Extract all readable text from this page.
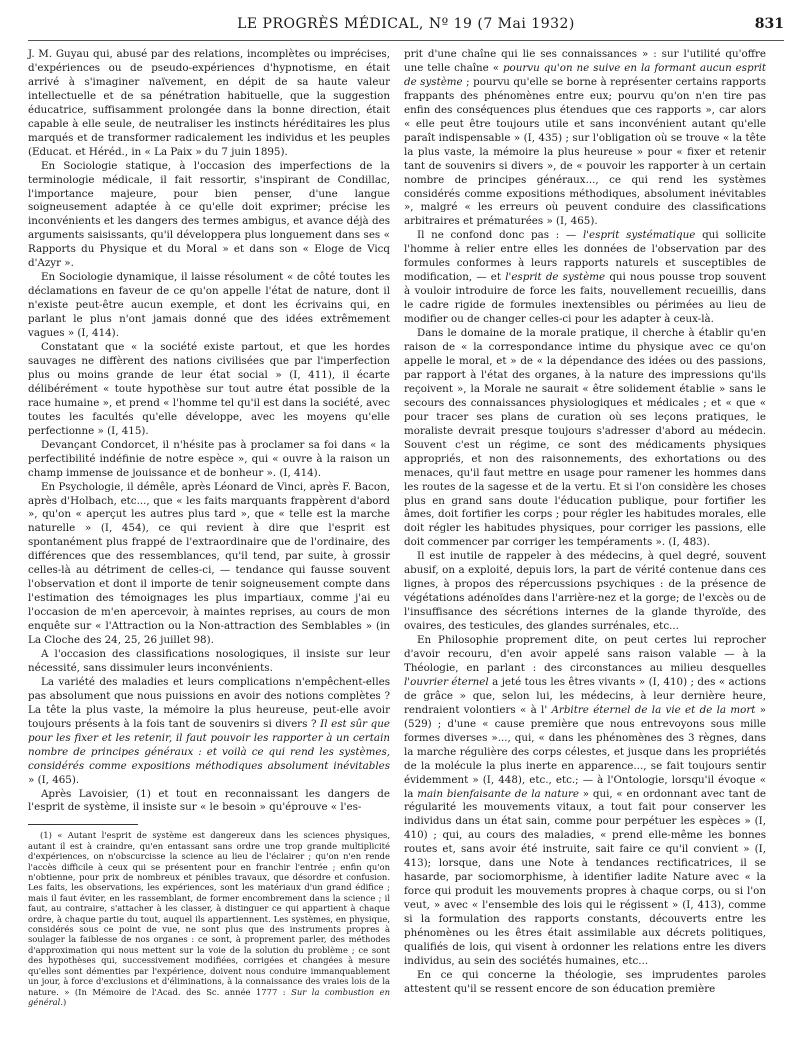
LE PROGRÈS MÉDICAL, Nº 19 (7 Mai 1932)	831

J. M. Guyau qui, abusé par des relations, incomplètes ou imprécises, d'expériences ou de pseudo-expériences d'hypnotisme, en était arrivé à s'imaginer naïvement, en dépit de sa haute valeur intellectuelle et de sa pénétration habituelle, que la suggestion éducatrice, suffisamment prolongée dans la bonne direction, était capable à elle seule, de neutraliser les instincts héréditaires les plus marqués et de transformer radicalement les individus et les peuples (Educat. et Héréd., in « La Paix » du 7 juin 1895).

En Sociologie statique, à l'occasion des imperfections de la terminologie médicale, il fait ressortir, s'inspirant de Condillac, l'importance majeure, pour bien penser, d'une langue soigneusement adaptée à ce qu'elle doit exprimer; précise les inconvénients et les dangers des termes ambigus, et avance déjà des arguments saisissants, qu'il développera plus longuement dans ses « Rapports du Physique et du Moral » et dans son « Eloge de Vicq d'Azyr ».

En Sociologie dynamique, il laisse résolument « de côté toutes les déclamations en faveur de ce qu'on appelle l'état de nature, dont il n'existe peut-être aucun exemple, et dont les écrivains qui, en parlant le plus n'ont jamais donné que des idées extrêmement vagues » (I, 414).

Constatant que « la société existe partout, et que les hordes sauvages ne diffèrent des nations civilisées que par l'imperfection plus ou moins grande de leur état social » (I, 411), il écarte délibérément « toute hypothèse sur tout autre état possible de la race humaine », et prend « l'homme tel qu'il est dans la société, avec toutes les facultés qu'elle développe, avec les moyens qu'elle perfectionne » (I, 415).

Devançant Condorcet, il n'hésite pas à proclamer sa foi dans « la perfectibilité indéfinie de notre espèce », qui « ouvre à la raison un champ immense de jouissance et de bonheur ». (I, 414).

En Psychologie, il démêle, après Léonard de Vinci, après F. Bacon, après d'Holbach, etc..., que « les faits marquants frappèrent d'abord », qu'on « aperçut les autres plus tard », que « telle est la marche naturelle » (I, 454), ce qui revient à dire que l'esprit est spontanément plus frappé de l'extraordinaire que de l'ordinaire, des différences que des ressemblances, qu'il tend, par suite, à grossir celles-là au détriment de celles-ci, — tendance qui fausse souvent l'observation et dont il importe de tenir soigneusement compte dans l'estimation des témoignages les plus impartiaux, comme j'ai eu l'occasion de m'en apercevoir, à maintes reprises, au cours de mon enquête sur « l'Attraction ou la Non-attraction des Semblables » (in La Cloche des 24, 25, 26 juillet 98).

A l'occasion des classifications nosologiques, il insiste sur leur nécessité, sans dissimuler leurs inconvénients.

La variété des maladies et leurs complications n'empêchent-elles pas absolument que nous puissions en avoir des notions complètes ? La tête la plus vaste, la mémoire la plus heureuse, peut-elle avoir toujours présents à la fois tant de souvenirs si divers ? Il est sûr que pour les fixer et les retenir, il faut pouvoir les rapporter à un certain nombre de principes généraux : et voilà ce qui rend les systèmes, considérés comme expositions méthodiques absolument inévitables » (I, 465).

Après Lavoisier, (1) et tout en reconnaissant les dangers de l'esprit de système, il insiste sur « le besoin » qu'éprouve « l'es-

(1) « Autant l'esprit de système est dangereux dans les sciences physiques, autant il est à craindre, qu'en entassant sans ordre une trop grande multiplicité d'expériences, on n'obscurcisse la science au lieu de l'éclairer ; qu'on n'en rende l'accès difficile à ceux qui se présentent pour en franchir l'entrée ; enfin qu'on n'obtienne, pour prix de nombreux et pénibles travaux, que désordre et confusion. Les faits, les observations, les expériences, sont les matériaux d'un grand édifice ; mais il faut éviter, en les rassemblant, de former encombrement dans la science ; il faut, au contraire, s'attacher à les classer, à distinguer ce qui appartient à chaque ordre, à chaque partie du tout, auquel ils appartiennent. Les systèmes, en physique, considérés sous ce point de vue, ne sont plus que des instruments propres à soulager la faiblesse de nos organes : ce sont, à proprement parler, des méthodes d'approximation qui nous mettent sur la voie de la solution du problème ; ce sont des hypothèses qui, successivement modifiées, corrigées et changées à mesure qu'elles sont démenties par l'expérience, doivent nous conduire immanquablement un jour, à force d'exclusions et d'éliminations, à la connaissance des vraies lois de la nature. » (In Mémoire de l'Acad. des Sc. année 1777 : Sur la combustion en général.)

prit d'une chaîne qui lie ses connaissances » : sur l'utilité qu'offre une telle chaîne « pourvu qu'on ne suive en la formant aucun esprit de système ; pourvu qu'elle se borne à représenter certains rapports frappants des phénomènes entre eux; pourvu qu'on n'en tire pas enfin des conséquences plus étendues que ces rapports », car alors « elle peut être toujours utile et sans inconvénient autant qu'elle paraît indispensable » (I, 435) ; sur l'obligation où se trouve « la tête la plus vaste, la mémoire la plus heureuse » pour « fixer et retenir tant de souvenirs si divers », de « pouvoir les rapporter à un certain nombre de principes généraux..., ce qui rend les systèmes considérés comme expositions méthodiques, absolument inévitables », malgré « les erreurs où peuvent conduire des classifications arbitraires et prématurées » (I, 465).

Il ne confond donc pas : — l'esprit systématique qui sollicite l'homme à relier entre elles les données de l'observation par des formules conformes à leurs rapports naturels et susceptibles de modification, — et l'esprit de système qui nous pousse trop souvent à vouloir introduire de force les faits, nouvellement recueillis, dans le cadre rigide de formules inextensibles ou périmées au lieu de modifier ou de changer celles-ci pour les adapter à ceux-là.

Dans le domaine de la morale pratique, il cherche à établir qu'en raison de « la correspondance intime du physique avec ce qu'on appelle le moral, et » de « la dépendance des idées ou des passions, par rapport à l'état des organes, à la nature des impressions qu'ils reçoivent », la Morale ne saurait « être solidement établie » sans le secours des connaissances physiologiques et médicales ; et « que « pour tracer ses plans de curation où ses leçons pratiques, le moraliste devrait presque toujours s'adresser d'abord au médecin. Souvent c'est un régime, ce sont des médicaments physiques appropriés, et non des raisonnements, des exhortations ou des menaces, qu'il faut mettre en usage pour ramener les hommes dans les routes de la sagesse et de la vertu. Et si l'on considère les choses plus en grand sans doute l'éducation publique, pour fortifier les âmes, doit fortifier les corps ; pour régler les habitudes morales, elle doit régler les habitudes physiques, pour corriger les passions, elle doit commencer par corriger les tempéraments ». (I, 483).

Il est inutile de rappeler à des médecins, à quel degré, souvent abusif, on a exploité, depuis lors, la part de vérité contenue dans ces lignes, à propos des répercussions psychiques : de la présence de végétations adénoïdes dans l'arrière-nez et la gorge; de l'excès ou de l'insuffisance des sécrétions internes de la glande thyroïde, des ovaires, des testicules, des glandes surrénales, etc...

En Philosophie proprement dite, on peut certes lui reprocher d'avoir recouru, d'en avoir appelé sans raison valable — à la Théologie, en parlant : des circonstances au milieu desquelles l'ouvrier éternel a jeté tous les êtres vivants » (I, 410) ; des « actions de grâce » que, selon lui, les médecins, à leur dernière heure, rendraient volontiers « à l' Arbitre éternel de la vie et de la mort » (529) ; d'une « cause première que nous entrevoyons sous mille formes diverses »..., qui, « dans les phénomènes des 3 règnes, dans la marche régulière des corps célestes, et jusque dans les propriétés de la molécule la plus inerte en apparence..., se fait toujours sentir évidemment » (I, 448), etc., etc.; — à l'Ontologie, lorsqu'il évoque « la main bienfaisante de la nature » qui, « en ordonnant avec tant de régularité les mouvements vitaux, a tout fait pour conserver les individus dans un état sain, comme pour perpétuer les espèces » (I, 410) ; qui, au cours des maladies, « prend elle-même les bonnes routes et, sans avoir été instruite, sait faire ce qu'il convient » (I, 413); lorsque, dans une Note à tendances rectificatrices, il se hasarde, par sociomorphisme, à identifier ladite Nature avec « la force qui produit les mouvements propres à chaque corps, ou si l'on veut, » avec « l'ensemble des lois qui le régissent » (I, 413), comme si la formulation des rapports constants, découverts entre les phénomènes ou les êtres était assimilable aux décrets politiques, qualifiés de lois, qui visent à ordonner les relations entre les divers individus, au sein des sociétés humaines, etc...

En ce qui concerne la théologie, ses imprudentes paroles attestent qu'il se ressent encore de son éducation première
